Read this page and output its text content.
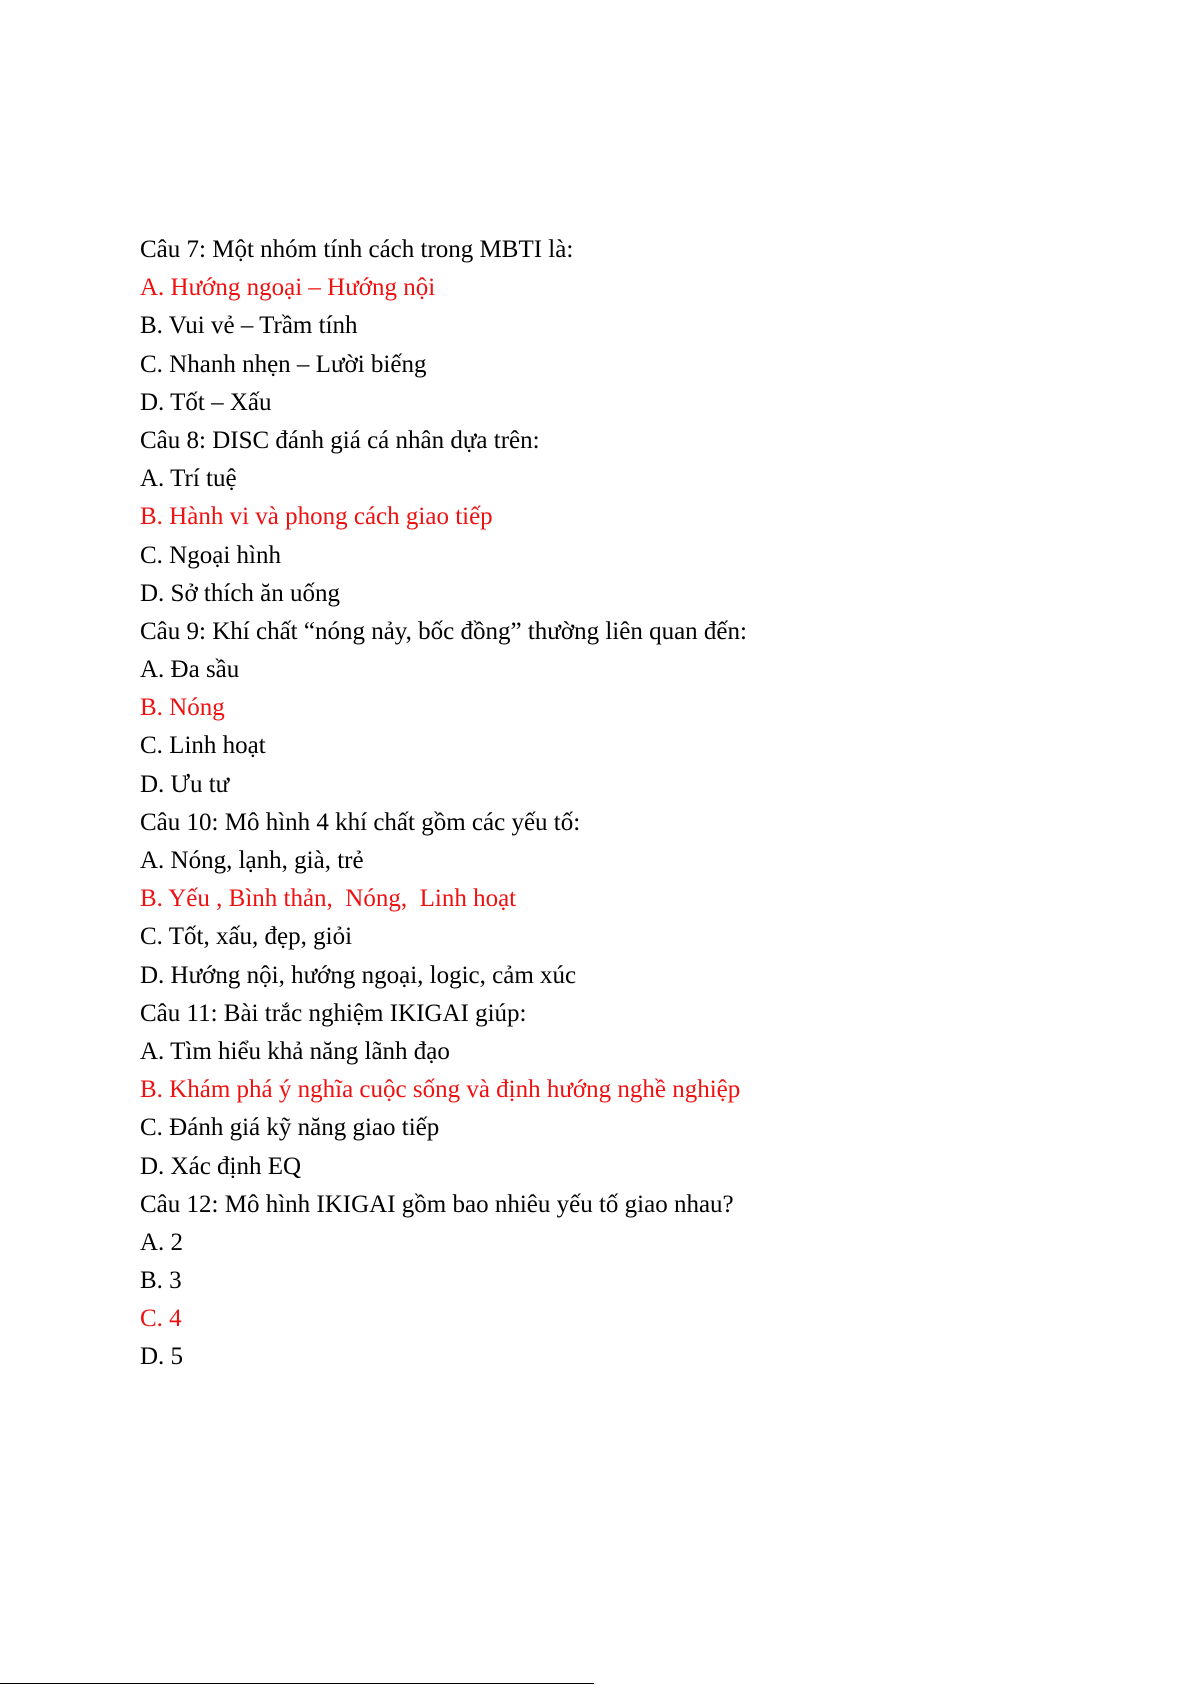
Câu 7: Một nhóm tính cách trong MBTI là:
A. Hướng ngoại – Hướng nội
B. Vui vẻ – Trầm tính
C. Nhanh nhẹn – Lười biếng
D. Tốt – Xấu
Câu 8: DISC đánh giá cá nhân dựa trên:
A. Trí tuệ
B. Hành vi và phong cách giao tiếp
C. Ngoại hình
D. Sở thích ăn uống
Câu 9: Khí chất “nóng nảy, bốc đồng” thường liên quan đến:
A. Đa sầu
B. Nóng
C. Linh hoạt
D. Ưu tư
Câu 10: Mô hình 4 khí chất gồm các yếu tố:
A. Nóng, lạnh, già, trẻ
B. Yếu , Bình thản,  Nóng,  Linh hoạt
C. Tốt, xấu, đẹp, giỏi
D. Hướng nội, hướng ngoại, logic, cảm xúc
Câu 11: Bài trắc nghiệm IKIGAI giúp:
A. Tìm hiểu khả năng lãnh đạo
B. Khám phá ý nghĩa cuộc sống và định hướng nghề nghiệp
C. Đánh giá kỹ năng giao tiếp
D. Xác định EQ
Câu 12: Mô hình IKIGAI gồm bao nhiêu yếu tố giao nhau?
A. 2
B. 3
C. 4
D. 5
